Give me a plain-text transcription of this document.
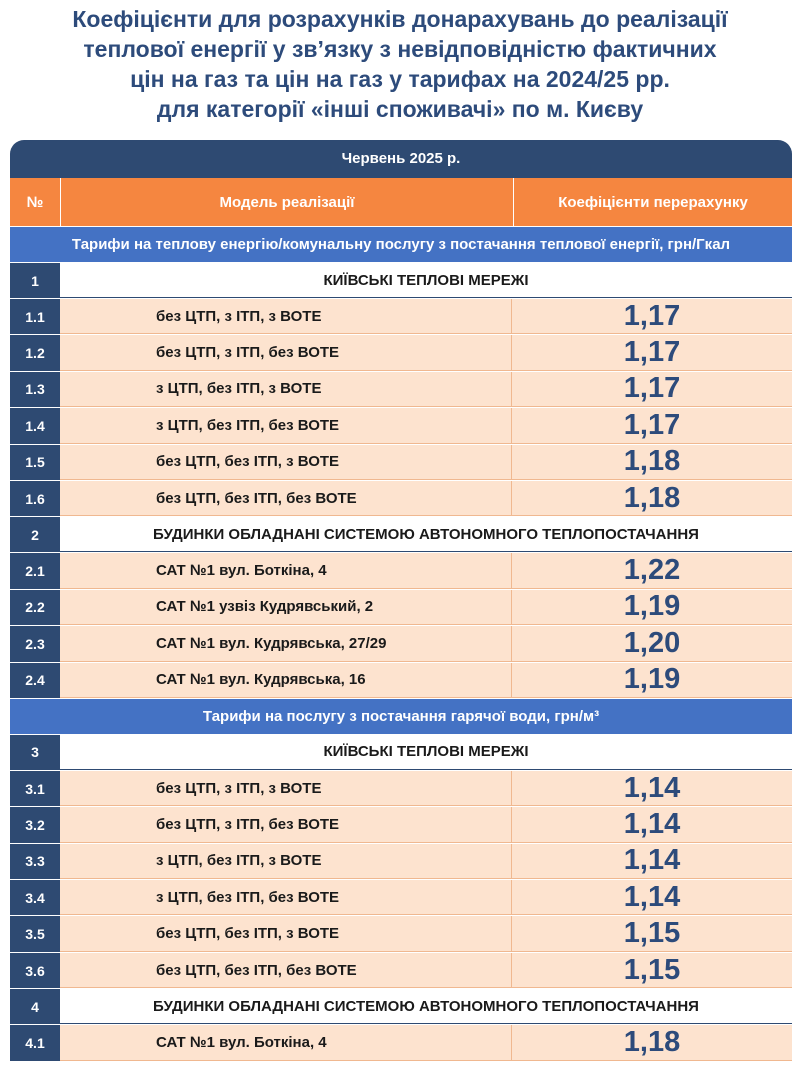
Коефіцієнти для розрахунків донарахувань до реалізації
теплової енергії у зв’язку з невідповідністю фактичних
цін на газ та цін на газ у тарифах на 2024/25 рр.
для категорії «інші споживачі» по м. Києву
Червень 2025 р.
№	Модель реалізації	Коефіцієнти перерахунку
Тарифи на теплову енергію/комунальну послугу з постачання теплової енергії, грн/Гкал
1	КИЇВСЬКІ ТЕПЛОВІ МЕРЕЖІ
1.1	без ЦТП, з ІТП, з ВОТЕ	1,17
1.2	без ЦТП, з ІТП, без ВОТЕ	1,17
1.3	з ЦТП, без ІТП, з ВОТЕ	1,17
1.4	з ЦТП, без ІТП, без ВОТЕ	1,17
1.5	без ЦТП, без ІТП, з ВОТЕ	1,18
1.6	без ЦТП, без ІТП, без ВОТЕ	1,18
2	БУДИНКИ ОБЛАДНАНІ СИСТЕМОЮ АВТОНОМНОГО ТЕПЛОПОСТАЧАННЯ
2.1	САТ №1 вул. Боткіна, 4	1,22
2.2	САТ №1 узвіз Кудрявський, 2	1,19
2.3	САТ №1 вул. Кудрявська, 27/29	1,20
2.4	САТ №1 вул. Кудрявська, 16	1,19
Тарифи на послугу з постачання гарячої води, грн/м³
3	КИЇВСЬКІ ТЕПЛОВІ МЕРЕЖІ
3.1	без ЦТП, з ІТП, з ВОТЕ	1,14
3.2	без ЦТП, з ІТП, без ВОТЕ	1,14
3.3	з ЦТП, без ІТП, з ВОТЕ	1,14
3.4	з ЦТП, без ІТП, без ВОТЕ	1,14
3.5	без ЦТП, без ІТП, з ВОТЕ	1,15
3.6	без ЦТП, без ІТП, без ВОТЕ	1,15
4	БУДИНКИ ОБЛАДНАНІ СИСТЕМОЮ АВТОНОМНОГО ТЕПЛОПОСТАЧАННЯ
4.1	САТ №1 вул. Боткіна, 4	1,18
